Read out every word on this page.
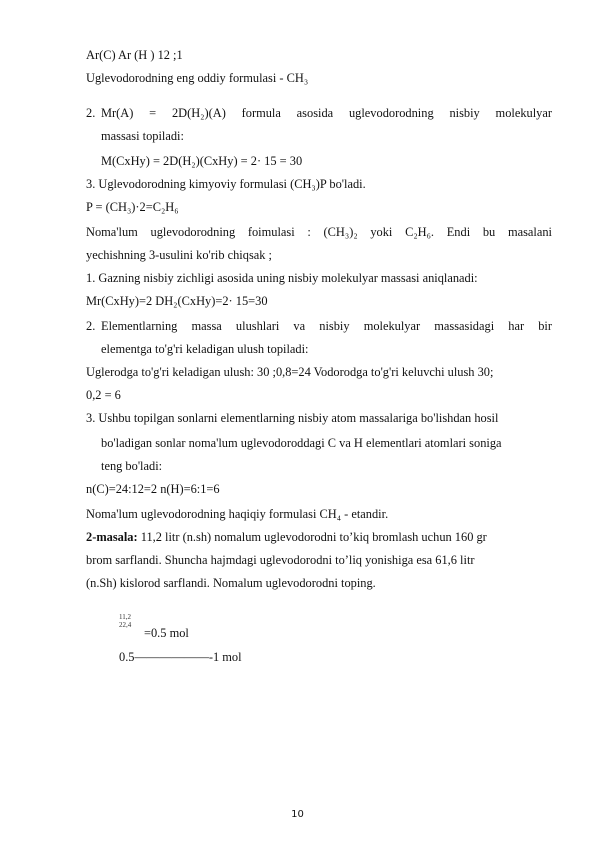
Ar(C) Ar (H ) 12 ;1
Uglevodorodning eng oddiy formulasi - CH₃
2. Mr(A) = 2D(H₂)(A) formula asosida uglevodorodning nisbiy molekulyar
massasi topiladi:
M(CxHy) = 2D(H₂)(CxHy) = 2· 15 = 30
3. Uglevodorodning kimyoviy formulasi (CH₃)P bo'ladi.
P = (CH₃)·2=C₂H₆
Noma'lum uglevodorodning foimulasi : (CH₃)₂ yoki C₂H₆. Endi bu masalani
yechishning 3-usulini ko'rib chiqsak ;
1. Gazning nisbiy zichligi asosida uning nisbiy molekulyar massasi aniqlanadi:
Mr(CxHy)=2 DH₂(CxHy)=2· 15=30
2. Elementlarning massa ulushlari va nisbiy molekulyar massasidagi har bir
elementga to'g'ri keladigan ulush topiladi:
Uglerodga to'g'ri keladigan ulush: 30 ;0,8=24 Vodorodga to'g'ri keluvchi ulush 30;
0,2 = 6
3. Ushbu topilgan sonlarni elementlarning nisbiy atom massalariga bo'lishdan hosil
bo'ladigan sonlar noma'lum uglevodoroddagi C va H elementlari atomlari soniga
teng bo'ladi:
n(C)=24:12=2 n(H)=6:1=6
Noma'lum uglevodorodning haqiqiy formulasi CH₄ - etandir.
2-masala: 11,2 litr (n.sh) nomalum uglevodorodni to’kiq bromlash uchun 160 gr
brom sarflandi. Shuncha hajmdagi uglevodorodni to’liq yonishiga esa 61,6 litr
(n.Sh) kislorod sarflandi. Nomalum uglevodorodni toping.
11,2
22,4
=0.5 mol
0.5——————-1 mol
10
